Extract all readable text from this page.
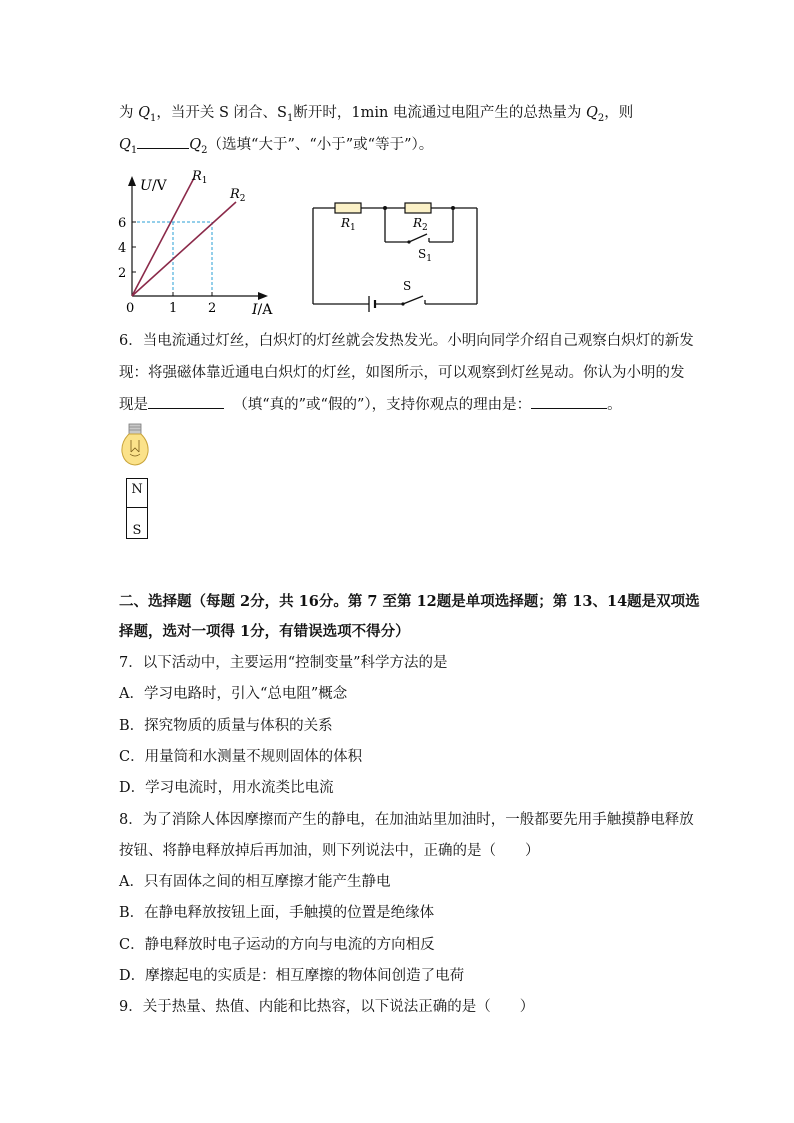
为 $Q_1$，当开关 S 闭合、$S_1$断开时，1min 电流通过电阻产生的总热量为 $Q_2$，则
$Q_1$	$Q_2$（选填“大于”、“小于”或“等于”）。
U/V
I/A
0
2
4
6
1 2
$R_1$
$R_2$
$R_1$	$R_2$
$S_1$
S
6．当电流通过灯丝，白炽灯的灯丝就会发热发光。小明向同学介绍自己观察白炽灯的新发
现：将强磁体靠近通电白炽灯的灯丝，如图所示，可以观察到灯丝晃动。你认为小明的发
现是	（填“真的”或“假的”），支持你观点的理由是：	。
N
S
二、选择题（每题 2分，共 16分。第 7 至第 12题是单项选择题；第 13、14题是双项选
择题，选对一项得 1分，有错误选项不得分）
7．以下活动中，主要运用“控制变量”科学方法的是
A．学习电路时，引入“总电阻”概念
B．探究物质的质量与体积的关系
C．用量筒和水测量不规则固体的体积
D．学习电流时，用水流类比电流
8．为了消除人体因摩擦而产生的静电，在加油站里加油时，一般都要先用手触摸静电释放
按钮、将静电释放掉后再加油，则下列说法中，正确的是（　　）
A．只有固体之间的相互摩擦才能产生静电
B．在静电释放按钮上面，手触摸的位置是绝缘体
C．静电释放时电子运动的方向与电流的方向相反
D．摩擦起电的实质是：相互摩擦的物体间创造了电荷
9．关于热量、热值、内能和比热容，以下说法正确的是（　　）
